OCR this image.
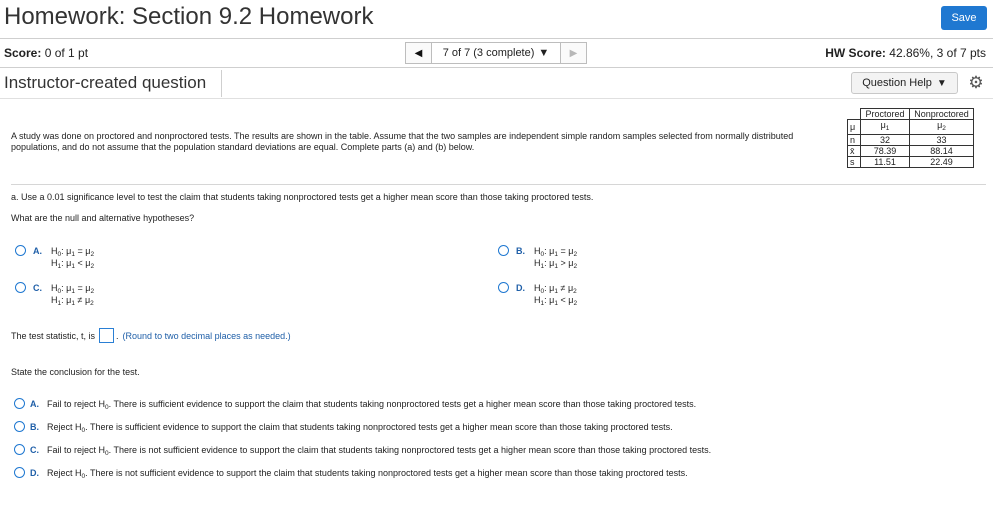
Homework: Section 9.2 Homework	Save
Score: 0 of 1 pt	◀ 7 of 7 (3 complete) ▼ ▶	HW Score: 42.86%, 3 of 7 pts
Instructor-created question	Question Help ▼ ⚙
A study was done on proctored and nonproctored tests. The results are shown in the table. Assume that the two samples are independent simple random samples selected from normally distributed populations, and do not assume that the population standard deviations are equal. Complete parts (a) and (b) below.
	Proctored	Nonproctored
μ	$\mu_1$	$\mu_2$
n	32	33
x̄	78.39	88.14
s	11.51	22.49
a. Use a 0.01 significance level to test the claim that students taking nonproctored tests get a higher mean score than those taking proctored tests.
What are the null and alternative hypotheses?
A. $H_0$: $\mu_1 = \mu_2$
$H_1$: $\mu_1 < \mu_2$
B. $H_0$: $\mu_1 = \mu_2$
$H_1$: $\mu_1 > \mu_2$
C. $H_0$: $\mu_1 = \mu_2$
$H_1$: $\mu_1 \ne \mu_2$
D. $H_0$: $\mu_1 \ne \mu_2$
$H_1$: $\mu_1 < \mu_2$
The test statistic, t, is . (Round to two decimal places as needed.)
State the conclusion for the test.
A. Fail to reject $H_0$. There is sufficient evidence to support the claim that students taking nonproctored tests get a higher mean score than those taking proctored tests.
B. Reject $H_0$. There is sufficient evidence to support the claim that students taking nonproctored tests get a higher mean score than those taking proctored tests.
C. Fail to reject $H_0$. There is not sufficient evidence to support the claim that students taking nonproctored tests get a higher mean score than those taking proctored tests.
D. Reject $H_0$. There is not sufficient evidence to support the claim that students taking nonproctored tests get a higher mean score than those taking proctored tests.
